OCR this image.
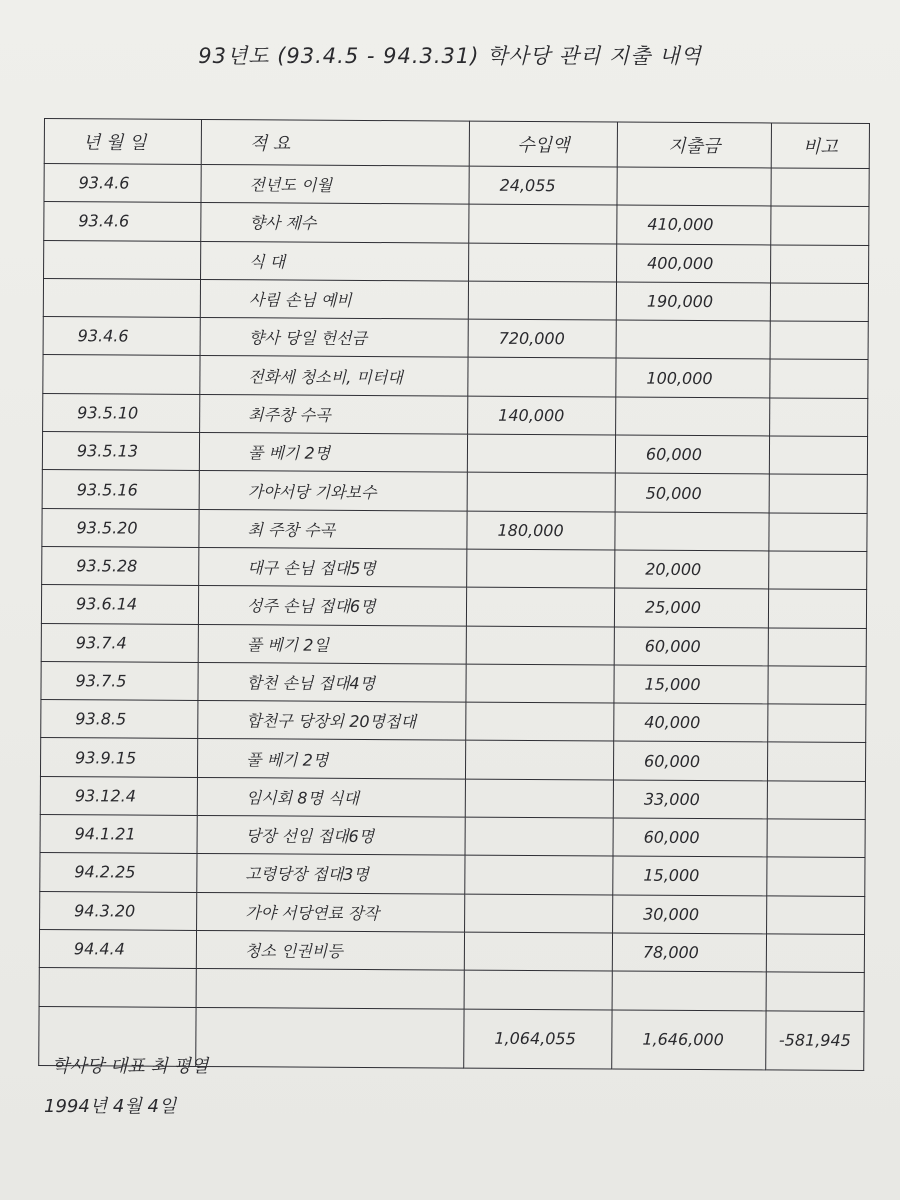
93년도 (93.4.5 - 94.3.31) 학사당 관리 지출 내역
년 월 일	적 요	수입액	지출금	비고
93.4.6	전년도 이월	24,055		
93.4.6	향사 제수		410,000	
	식 대		400,000	
	사림 손님 예비		190,000	
93.4.6	향사 당일 헌선금	720,000		
	전화세 청소비, 미터대		100,000	
93.5.10	최주창 수곡	140,000		
93.5.13	풀 베기 2명		60,000	
93.5.16	가야서당 기와보수		50,000	
93.5.20	최 주창 수곡	180,000		
93.5.28	대구 손님 접대5명		20,000	
93.6.14	성주 손님 접대6명		25,000	
93.7.4	풀 베기 2일		60,000	
93.7.5	합천 손님 접대4명		15,000	
93.8.5	합천구 당장외 20명접대		40,000	
93.9.15	풀 베기 2명		60,000	
93.12.4	임시회 8명 식대		33,000	
94.1.21	당장 선임 접대6명		60,000	
94.2.25	고령당장 접대3명		15,000	
94.3.20	가야 서당연료 장작		30,000	
94.4.4	청소 인권비등		78,000	

		1,064,055	1,646,000	-581,945
학사당 대표 최 평열
1994년 4월 4일
